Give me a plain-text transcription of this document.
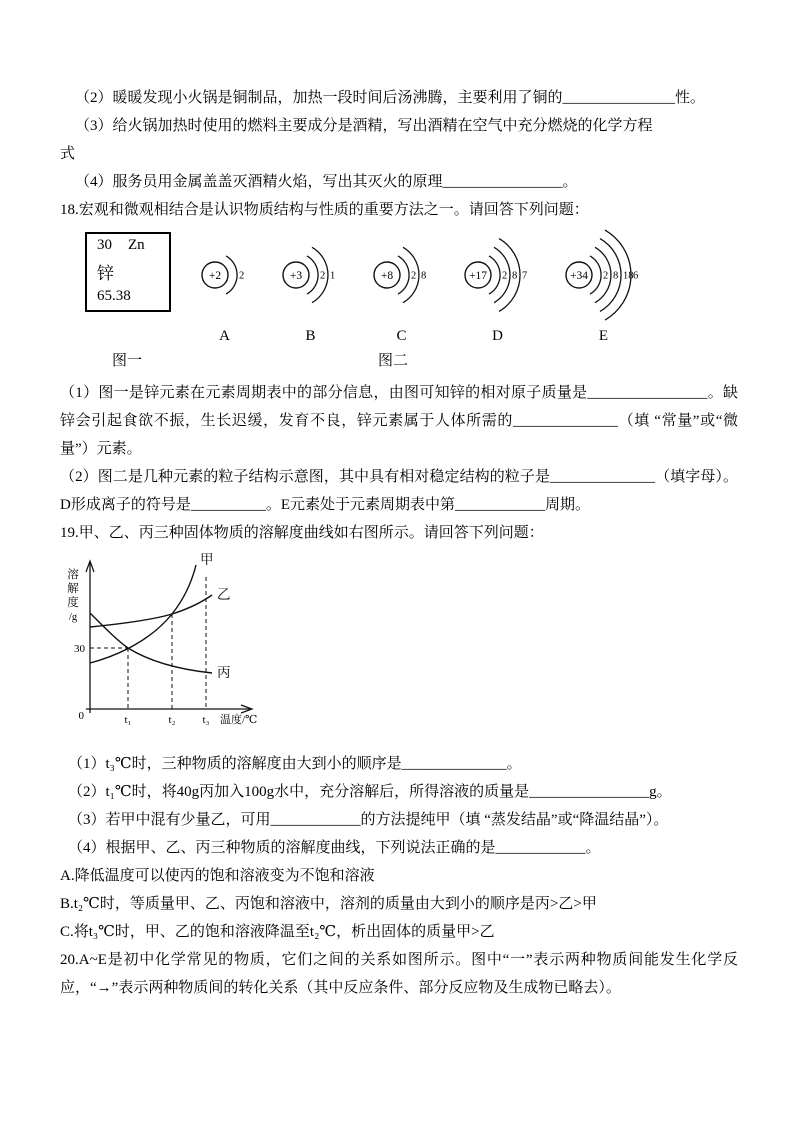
（2）暖暖发现小火锅是铜制品，加热一段时间后汤沸腾，主要利用了铜的_______________性。

（3）给火锅加热时使用的燃料主要成分是酒精，写出酒精在空气中充分燃烧的化学方程

式

（4）服务员用金属盖盖灭酒精火焰，写出其灭火的原理________________。

18.宏观和微观相结合是认识物质结构与性质的重要方法之一。请回答下列问题：

30 Zn
锌
65.38
+2 2
A
+3 2 1
B
+8 2 8
C
+17 2 8 7
D
+34 2 8 18 6
E
图一	图二

（1）图一是锌元素在元素周期表中的部分信息，由图可知锌的相对原子质量是________________。缺锌会引起食欲不振，生长迟缓，发育不良，锌元素属于人体所需的______________（填 “常量”或“微量”）元素。

（2）图二是几种元素的粒子结构示意图，其中具有相对稳定结构的粒子是______________（填字母）。D形成离子的符号是__________。E元素处于元素周期表中第____________周期。

19.甲、乙、丙三种固体物质的溶解度曲线如右图所示。请回答下列问题：

溶
解
度
/g
30
0	t₁	t₂ t₃ 温度/℃
甲
乙
丙

（1）t₃℃时，三种物质的溶解度由大到小的顺序是______________。

（2）t₁℃时，将40g丙加入100g水中，充分溶解后，所得溶液的质量是________________g。

（3）若甲中混有少量乙，可用____________的方法提纯甲（填 “蒸发结晶”或“降温结晶”）。

（4）根据甲、乙、丙三种物质的溶解度曲线，下列说法正确的是____________。

A.降低温度可以使丙的饱和溶液变为不饱和溶液

B.t₂℃时，等质量甲、乙、丙饱和溶液中，溶剂的质量由大到小的顺序是丙>乙>甲

C.将t₃℃时，甲、乙的饱和溶液降温至t₂℃，析出固体的质量甲>乙

20.A~E是初中化学常见的物质，它们之间的关系如图所示。图中“一”表示两种物质间能发生化学反应，“→”表示两种物质间的转化关系（其中反应条件、部分反应物及生成物已略去）。
